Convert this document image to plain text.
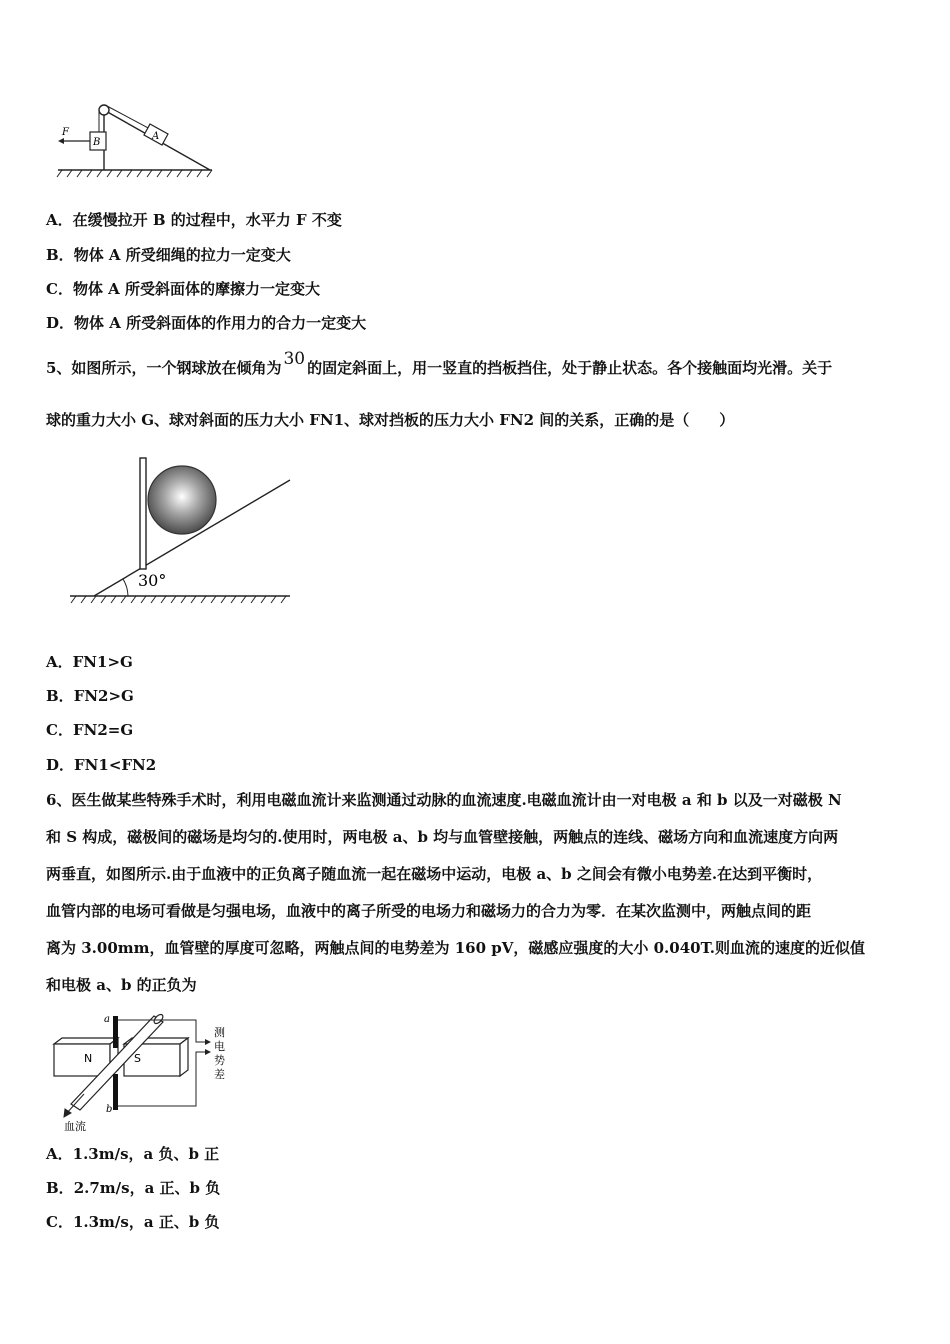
A
B
F
A．在缓慢拉开 B 的过程中，水平力 F 不变
B．物体 A 所受细绳的拉力一定变大
C．物体 A 所受斜面体的摩擦力一定变大
D．物体 A 所受斜面体的作用力的合力一定变大
5、如图所示，一个钢球放在倾角为 30 的固定斜面上，用一竖直的挡板挡住，处于静止状态。各个接触面均光滑。关于
球的重力大小 G、球对斜面的压力大小 FN1、球对挡板的压力大小 FN2 间的关系，正确的是（　　）
30°
A．FN1>G
B．FN2>G
C．FN2=G
D．FN1<FN2
6、医生做某些特殊手术时，利用电磁血流计来监测通过动脉的血流速度.电磁血流计由一对电极 a 和 b 以及一对磁极 N
和 S 构成，磁极间的磁场是均匀的.使用时，两电极 a、b 均与血管壁接触，两触点的连线、磁场方向和血流速度方向两
两垂直，如图所示.由于血液中的正负离子随血流一起在磁场中运动，电极 a、b 之间会有微小电势差.在达到平衡时，
血管内部的电场可看做是匀强电场，血液中的离子所受的电场力和磁场力的合力为零．在某次监测中，两触点间的距
离为 3.00mm，血管壁的厚度可忽略，两触点间的电势差为 160 pV，磁感应强度的大小 0.040T.则血流的速度的近似值
和电极 a、b 的正负为
N	S
a
b
测
电
势
差
血流
A．1.3m/s，a 负、b 正
B．2.7m/s，a 正、b 负
C．1.3m/s，a 正、b 负
